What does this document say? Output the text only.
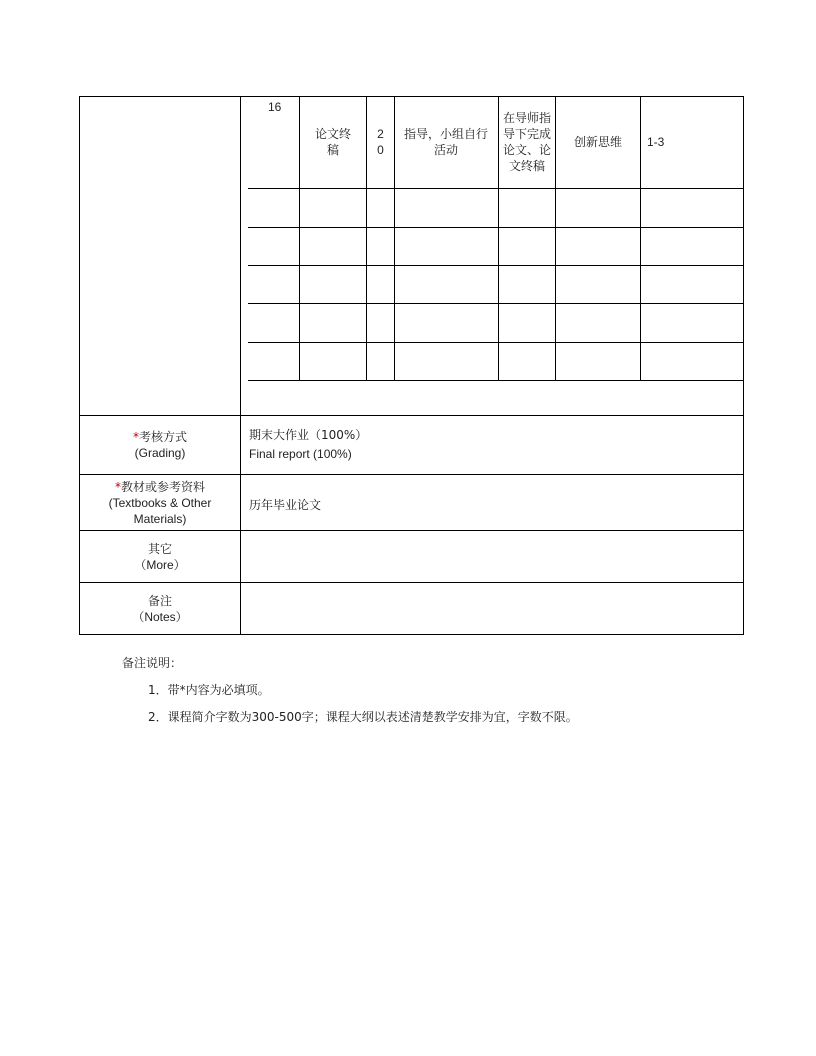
16
论文终稿
2
0
指导，小组自行活动
在导师指导下完成论文、论文终稿
创新思维	1-3
*考核方式
(Grading)
期末大作业（100%）
Final report (100%)
*教材或参考资料
(Textbooks & Other Materials)
历年毕业论文
其它
（More）
备注
（Notes）
备注说明：
1．带*内容为必填项。
2．课程简介字数为300-500字；课程大纲以表述清楚教学安排为宜，字数不限。
